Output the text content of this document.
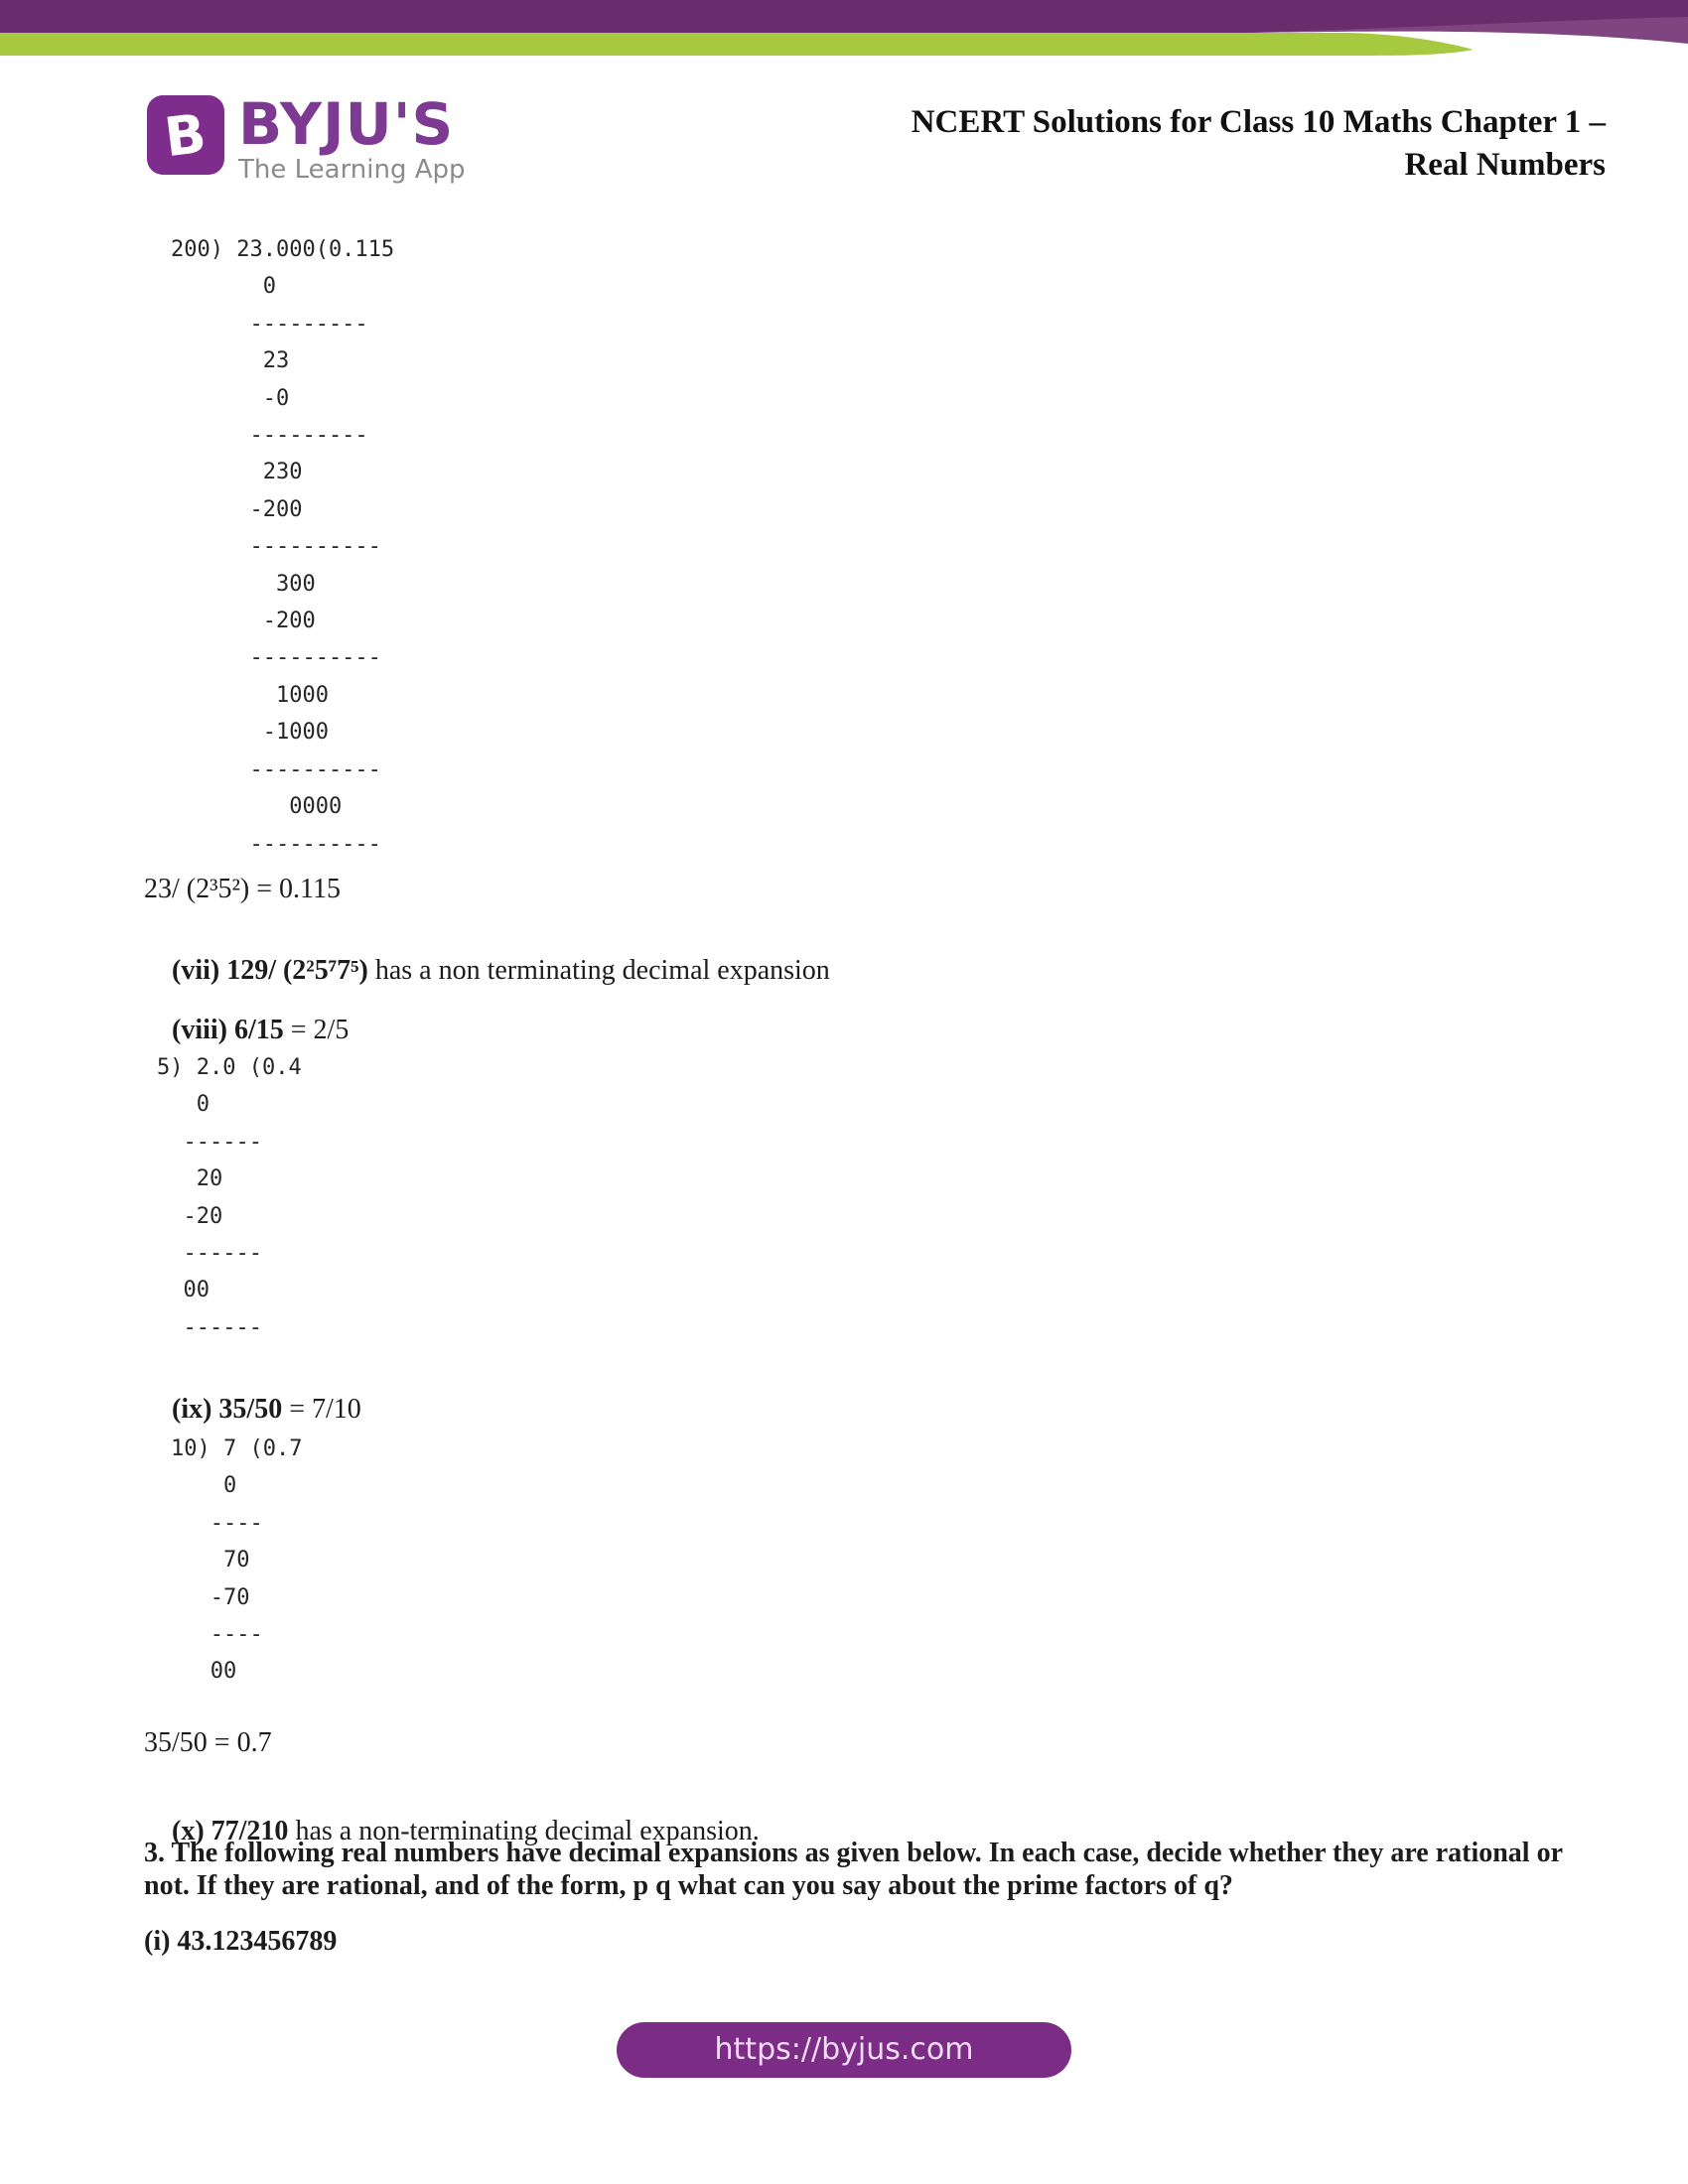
B BYJU'S
The Learning App
NCERT Solutions for Class 10 Maths Chapter 1 –
Real Numbers
200) 23.000(0.115
0
---------
23
-0
---------
230
-200
----------
300
-200
----------
1000
-1000
----------
0000
----------
23/ (2³5²) = 0.115

(vii) 129/ (2²5⁷7⁵) has a non terminating decimal expansion

(viii) 6/15 = 2/5

5) 2.0 (0.4
0
------
20
-20
------
00
------

(ix) 35/50 = 7/10

10) 7 (0.7
0
----
70
-70
----
00
35/50 = 0.7

(x) 77/210 has a non-terminating decimal expansion.

3. The following real numbers have decimal expansions as given below. In each case, decide whether they are rational or not. If they are rational, and of the form, p q what can you say about the prime factors of q?
(i) 43.123456789
https://byjus.com
